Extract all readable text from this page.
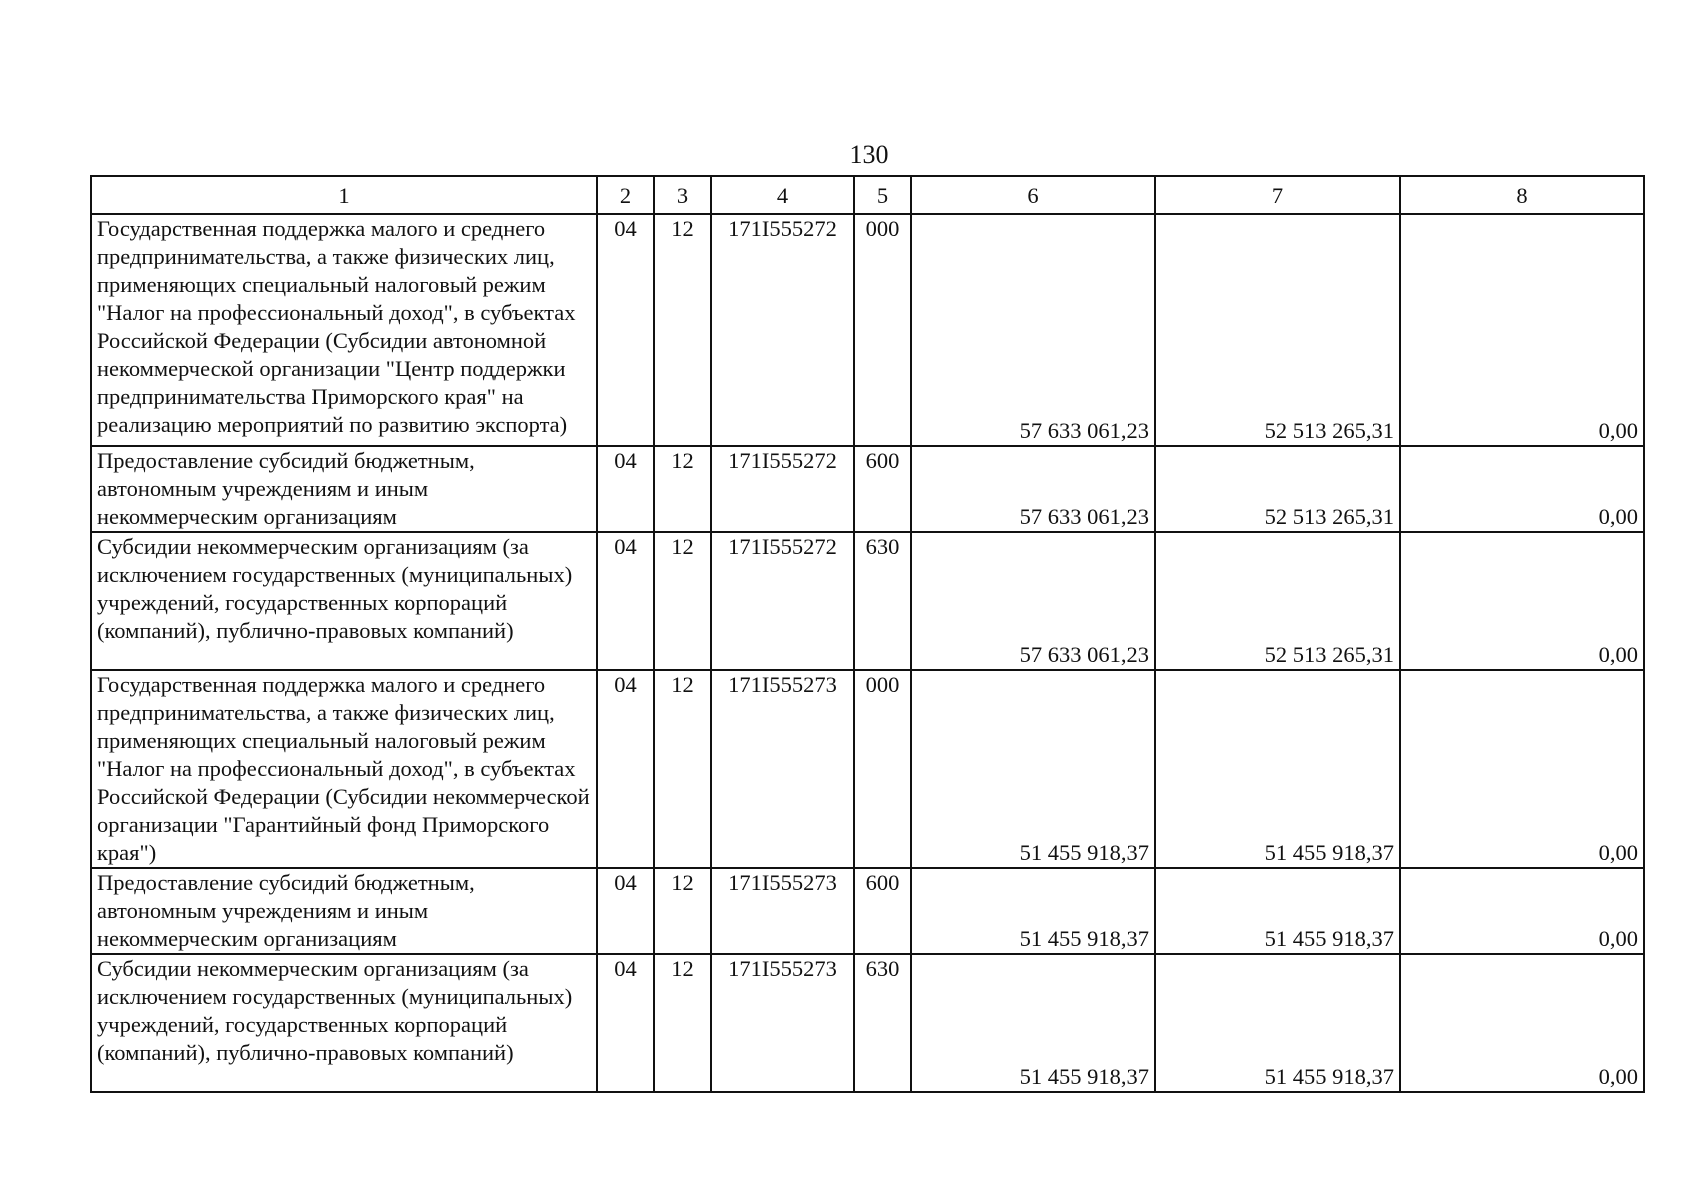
130
1	2	3	4	5	6	7	8
Государственная поддержка малого и среднего предпринимательства, а также физических лиц, применяющих специальный налоговый режим "Налог на профессиональный доход", в субъектах Российской Федерации (Субсидии автономной некоммерческой организации "Центр поддержки предпринимательства Приморского края" на реализацию мероприятий по развитию экспорта)	04	12	171I555272	000	57 633 061,23	52 513 265,31	0,00
Предоставление субсидий бюджетным, автономным учреждениям и иным некоммерческим организациям	04	12	171I555272	600	57 633 061,23	52 513 265,31	0,00
Субсидии некоммерческим организациям (за исключением государственных (муниципальных) учреждений, государственных корпораций (компаний), публично-правовых компаний)	04	12	171I555272	630	57 633 061,23	52 513 265,31	0,00
Государственная поддержка малого и среднего предпринимательства, а также физических лиц, применяющих специальный налоговый режим "Налог на профессиональный доход", в субъектах Российской Федерации (Субсидии некоммерческой организации "Гарантийный фонд Приморского края")	04	12	171I555273	000	51 455 918,37	51 455 918,37	0,00
Предоставление субсидий бюджетным, автономным учреждениям и иным некоммерческим организациям	04	12	171I555273	600	51 455 918,37	51 455 918,37	0,00
Субсидии некоммерческим организациям (за исключением государственных (муниципальных) учреждений, государственных корпораций (компаний), публично-правовых компаний)	04	12	171I555273	630	51 455 918,37	51 455 918,37	0,00
